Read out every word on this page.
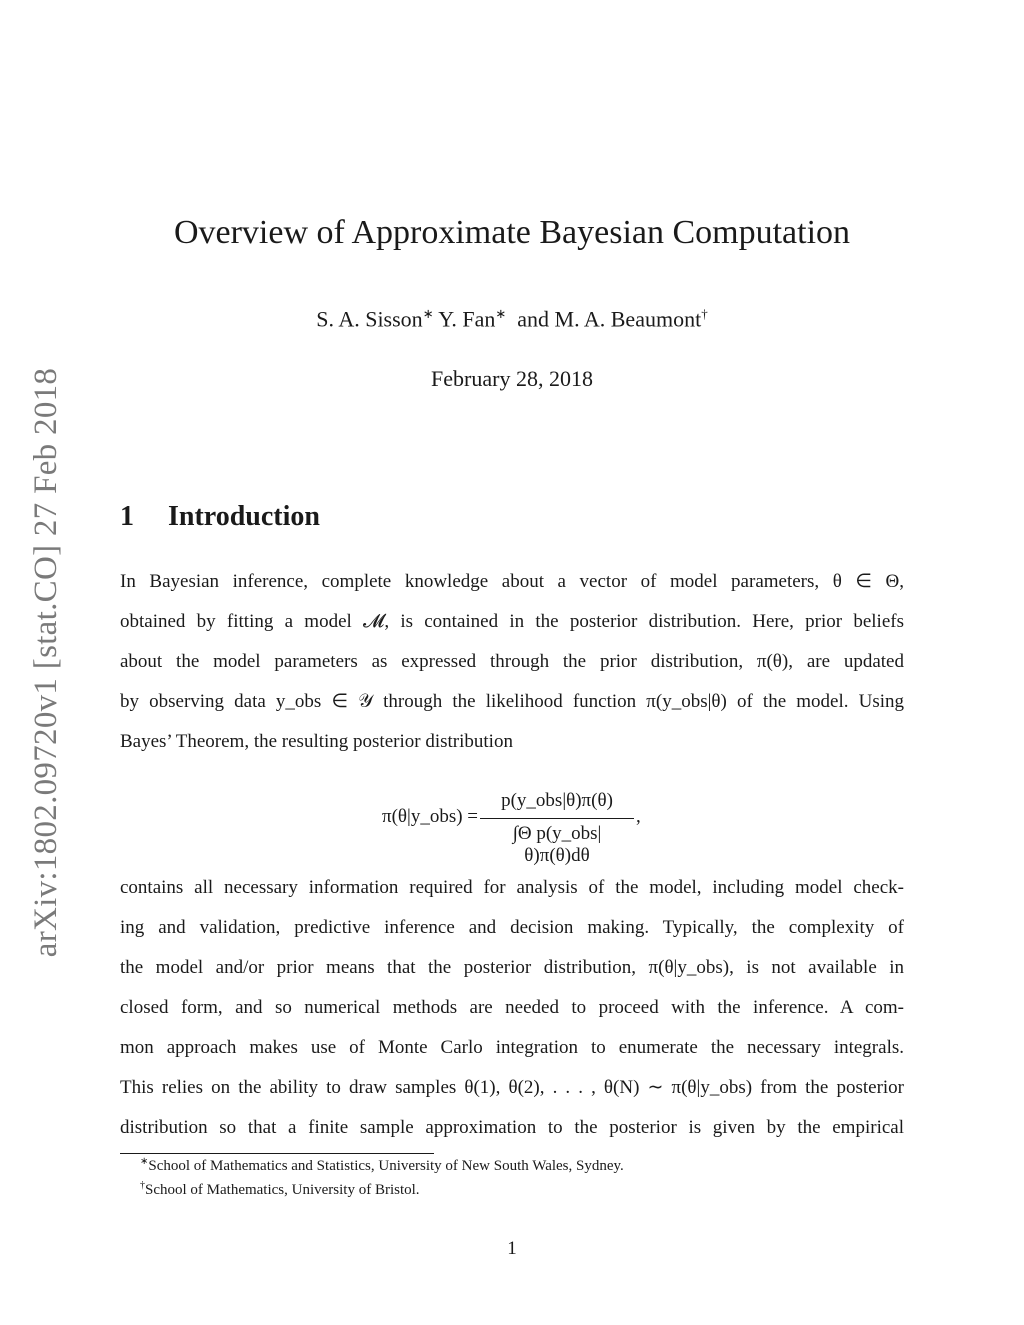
arXiv:1802.09720v1 [stat.CO] 27 Feb 2018
Overview of Approximate Bayesian Computation
S. A. Sisson∗ Y. Fan∗ and M. A. Beaumont†
February 28, 2018
1 Introduction
In Bayesian inference, complete knowledge about a vector of model parameters, θ ∈ Θ,
obtained by fitting a model 𝓜, is contained in the posterior distribution. Here, prior beliefs
about the model parameters as expressed through the prior distribution, π(θ), are updated
by observing data y_obs ∈ 𝒴 through the likelihood function π(y_obs|θ) of the model. Using
Bayes’ Theorem, the resulting posterior distribution
π(θ|y_obs) =
p(y_obs|θ)π(θ)
∫Θ p(y_obs|θ)π(θ)dθ
,
contains all necessary information required for analysis of the model, including model check-
ing and validation, predictive inference and decision making. Typically, the complexity of
the model and/or prior means that the posterior distribution, π(θ|y_obs), is not available in
closed form, and so numerical methods are needed to proceed with the inference. A com-
mon approach makes use of Monte Carlo integration to enumerate the necessary integrals.
This relies on the ability to draw samples θ(1), θ(2), . . . , θ(N) ∼ π(θ|y_obs) from the posterior
distribution so that a finite sample approximation to the posterior is given by the empirical
∗School of Mathematics and Statistics, University of New South Wales, Sydney.
†School of Mathematics, University of Bristol.
1
